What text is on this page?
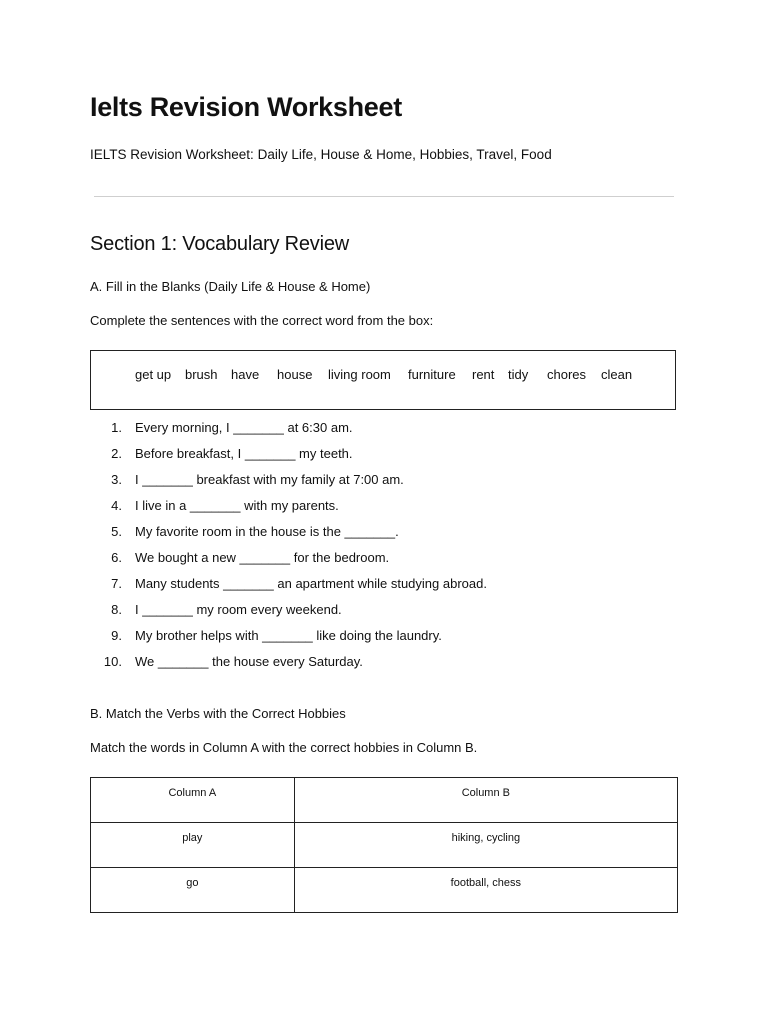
Ielts Revision Worksheet

IELTS Revision Worksheet: Daily Life, House & Home, Hobbies, Travel, Food

Section 1: Vocabulary Review
A. Fill in the Blanks (Daily Life & House & Home)

Complete the sentences with the correct word from the box:

get up brush have house living room furniture rent tidy chores clean
1. Every morning, I _______ at 6:30 am.
2. Before breakfast, I _______ my teeth.
3. I _______ breakfast with my family at 7:00 am.
4. I live in a _______ with my parents.
5. My favorite room in the house is the _______.
6. We bought a new _______ for the bedroom.
7. Many students _______ an apartment while studying abroad.
8. I _______ my room every weekend.
9. My brother helps with _______ like doing the laundry.
10. We _______ the house every Saturday.
B. Match the Verbs with the Correct Hobbies

Match the words in Column A with the correct hobbies in Column B.

Column A	Column B
play	hiking, cycling
go	football, chess
